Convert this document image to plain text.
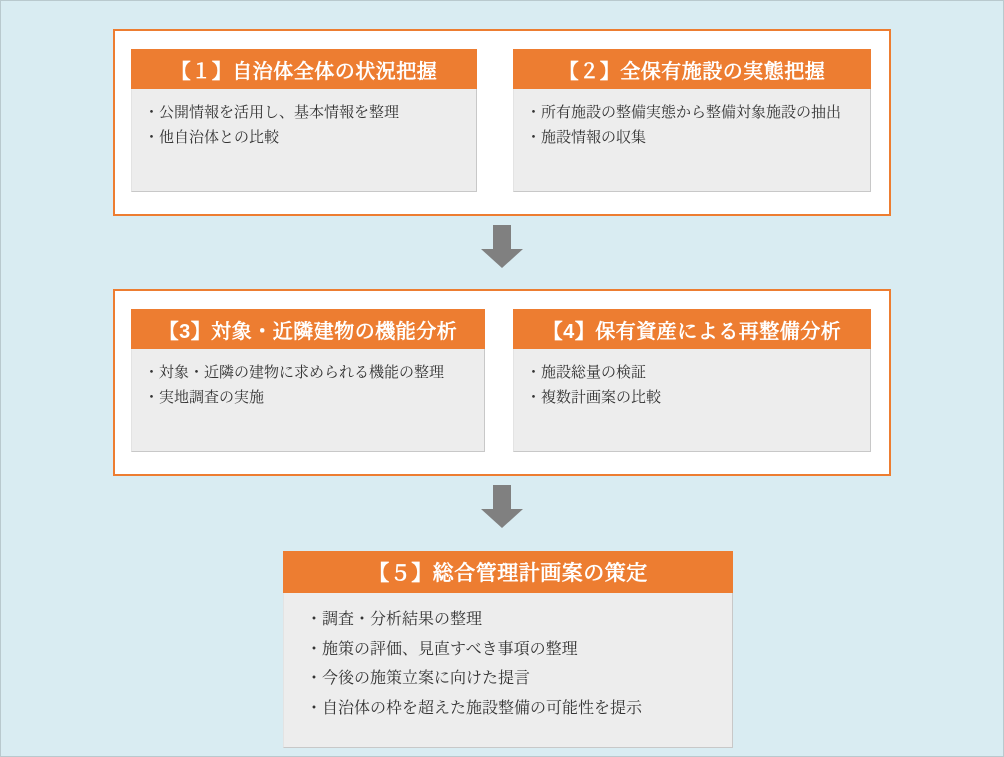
【１】自治体全体の状況把握
・公開情報を活用し、基本情報を整理
・他自治体との比較
【２】全保有施設の実態把握
・所有施設の整備実態から整備対象施設の抽出
・施設情報の収集
【3】対象・近隣建物の機能分析
・対象・近隣の建物に求められる機能の整理
・実地調査の実施
【4】保有資産による再整備分析
・施設総量の検証
・複数計画案の比較
【５】総合管理計画案の策定
・調査・分析結果の整理
・施策の評価、見直すべき事項の整理
・今後の施策立案に向けた提言
・自治体の枠を超えた施設整備の可能性を提示
